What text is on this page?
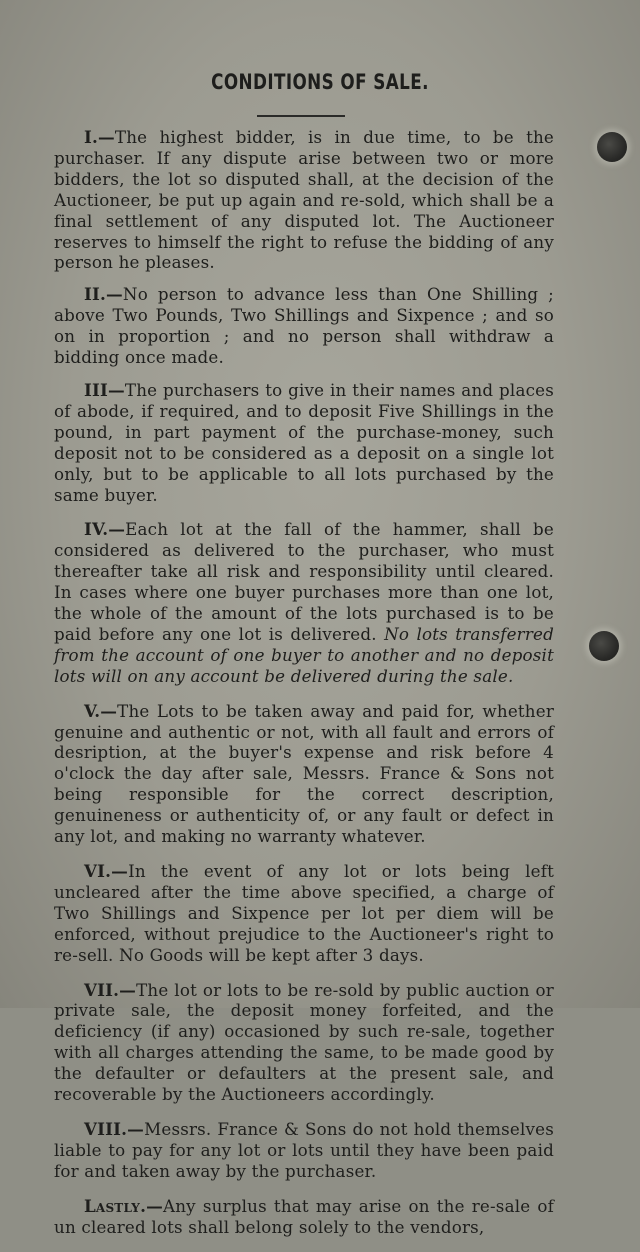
CONDITIONS OF SALE.

I.—The highest bidder, is in due time, to be the purchaser. If any dispute arise between two or more bidders, the lot so disputed shall, at the decision of the Auctioneer, be put up again and re-sold, which shall be a final settlement of any disputed lot. The Auctioneer reserves to himself the right to refuse the bidding of any person he pleases.

II.—No person to advance less than One Shilling ; above Two Pounds, Two Shillings and Sixpence ; and so on in proportion ; and no person shall withdraw a bidding once made.

III—The purchasers to give in their names and places of abode, if required, and to deposit Five Shillings in the pound, in part payment of the purchase-money, such deposit not to be considered as a deposit on a single lot only, but to be applicable to all lots purchased by the same buyer.

IV.—Each lot at the fall of the hammer, shall be considered as delivered to the purchaser, who must thereafter take all risk and responsibility until cleared. In cases where one buyer purchases more than one lot, the whole of the amount of the lots purchased is to be paid before any one lot is delivered. No lots transferred from the account of one buyer to another and no deposit lots will on any account be delivered during the sale.

V.—The Lots to be taken away and paid for, whether genuine and authentic or not, with all fault and errors of desription, at the buyer's expense and risk before 4 o'clock the day after sale, Messrs. France & Sons not being responsible for the correct description, genuineness or authenticity of, or any fault or defect in any lot, and making no warranty whatever.

VI.—In the event of any lot or lots being left uncleared after the time above specified, a charge of Two Shillings and Sixpence per lot per diem will be enforced, without prejudice to the Auctioneer's right to re-sell. No Goods will be kept after 3 days.

VII.—The lot or lots to be re-sold by public auction or private sale, the deposit money forfeited, and the deficiency (if any) occasioned by such re-sale, together with all charges attending the same, to be made good by the defaulter or defaulters at the present sale, and recoverable by the Auctioneers accordingly.

VIII.—Messrs. France & Sons do not hold themselves liable to pay for any lot or lots until they have been paid for and taken away by the purchaser.

Lastly.—Any surplus that may arise on the re-sale of un cleared lots shall belong solely to the vendors,
